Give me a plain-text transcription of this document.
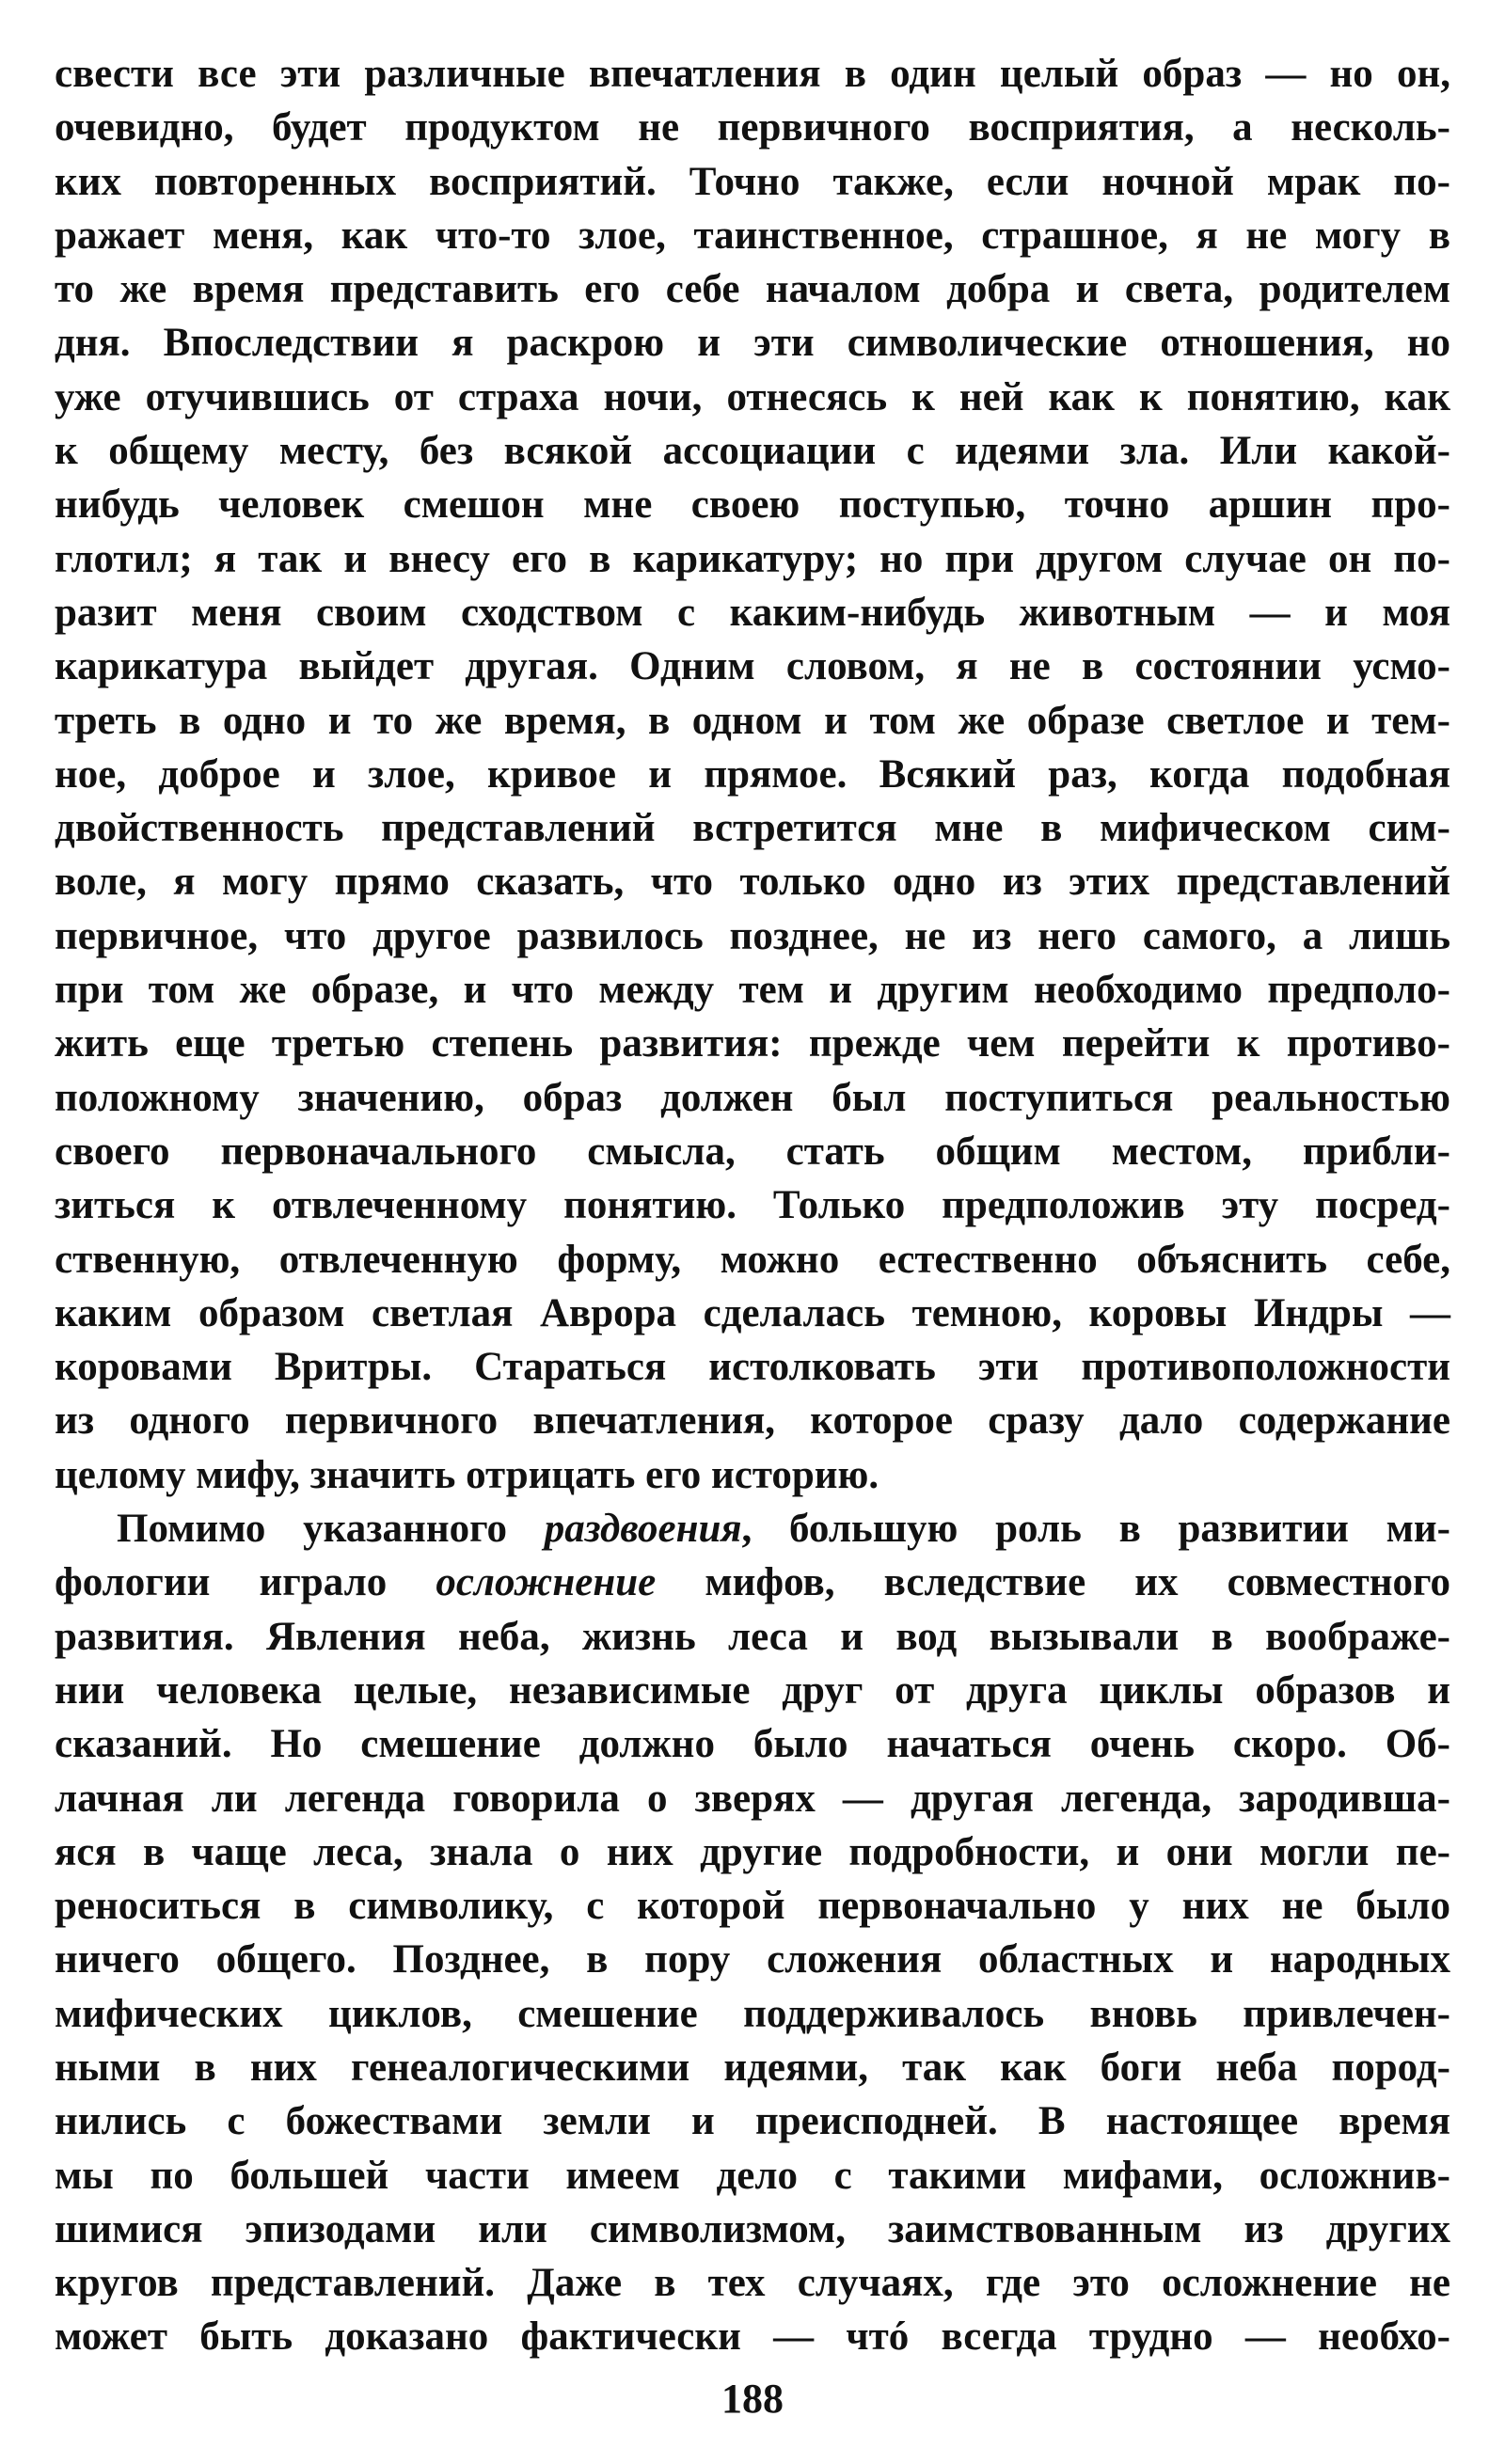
свести все эти различные впечатления в один целый образ — но он,
очевидно, будет продуктом не первичного восприятия, а несколь-
ких повторенных восприятий. Точно также, если ночной мрак по-
ражает меня, как что-то злое, таинственное, страшное, я не могу в
то же время представить его себе началом добра и света, родителем
дня. Впоследствии я раскрою и эти символические отношения, но
уже отучившись от страха ночи, отнесясь к ней как к понятию, как
к общему месту, без всякой ассоциации с идеями зла. Или какой-
нибудь человек смешон мне своею поступью, точно аршин про-
глотил; я так и внесу его в карикатуру; но при другом случае он по-
разит меня своим сходством с каким-нибудь животным — и моя
карикатура выйдет другая. Одним словом, я не в состоянии усмо-
треть в одно и то же время, в одном и том же образе светлое и тем-
ное, доброе и злое, кривое и прямое. Всякий раз, когда подобная
двойственность представлений встретится мне в мифическом сим-
воле, я могу прямо сказать, что только одно из этих представлений
первичное, что другое развилось позднее, не из него самого, а лишь
при том же образе, и что между тем и другим необходимо предполо-
жить еще третью степень развития: прежде чем перейти к противо-
положному значению, образ должен был поступиться реальностью
своего первоначального смысла, стать общим местом, прибли-
зиться к отвлеченному понятию. Только предположив эту посред-
ственную, отвлеченную форму, можно естественно объяснить себе,
каким образом светлая Аврора сделалась темною, коровы Индры —
коровами Вритры. Стараться истолковать эти противоположности
из одного первичного впечатления, которое сразу дало содержание
целому мифу, значить отрицать его историю.
Помимо указанного раздвоения, большую роль в развитии ми-
фологии играло осложнение мифов, вследствие их совместного
развития. Явления неба, жизнь леса и вод вызывали в воображе-
нии человека целые, независимые друг от друга циклы образов и
сказаний. Но смешение должно было начаться очень скоро. Об-
лачная ли легенда говорила о зверях — другая легенда, зародивша-
яся в чаще леса, знала о них другие подробности, и они могли пе-
реноситься в символику, с которой первоначально у них не было
ничего общего. Позднее, в пору сложения областных и народных
мифических циклов, смешение поддерживалось вновь привлечен-
ными в них генеалогическими идеями, так как боги неба пород-
нились с божествами земли и преисподней. В настоящее время
мы по большей части имеем дело с такими мифами, осложнив-
шимися эпизодами или символизмом, заимствованным из других
кругов представлений. Даже в тех случаях, где это осложнение не
может быть доказано фактически — чтó всегда трудно — необхо-
188
